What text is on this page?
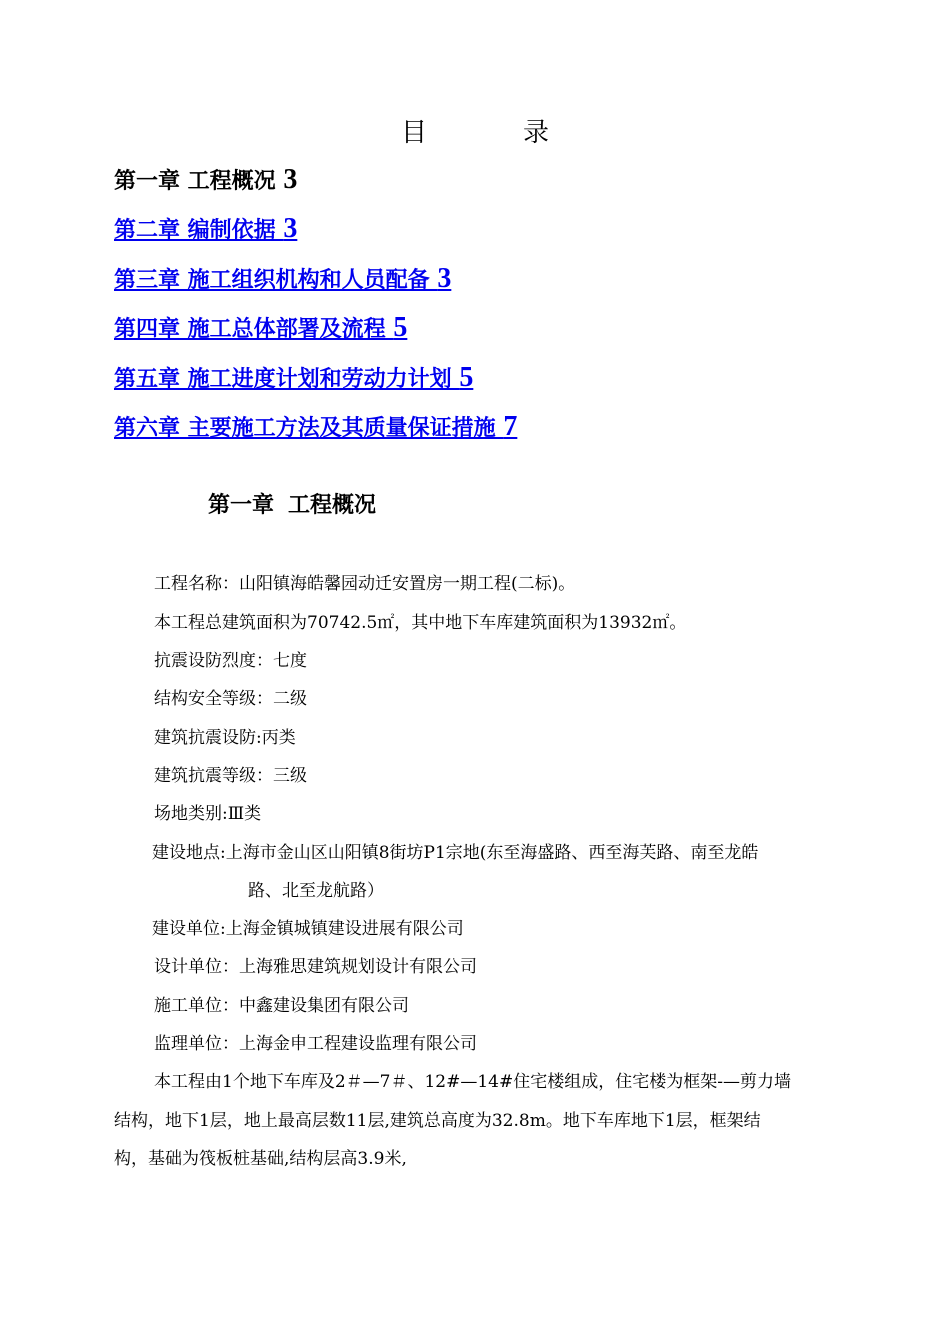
目	录
第一章 工程概况 3
第二章 编制依据 3
第三章 施工组织机构和人员配备 3
第四章 施工总体部署及流程 5
第五章 施工进度计划和劳动力计划 5
第六章 主要施工方法及其质量保证措施 7
第一章 工程概况
工程名称：山阳镇海皓馨园动迁安置房一期工程(二标)。
本工程总建筑面积为70742.5㎡，其中地下车库建筑面积为13932㎡。
抗震设防烈度：七度
结构安全等级：二级
建筑抗震设防:丙类
建筑抗震等级：三级
场地类别:Ⅲ类
建设地点:上海市金山区山阳镇8街坊P1宗地(东至海盛路、西至海芙路、南至龙皓
路、北至龙航路）
建设单位:上海金镇城镇建设进展有限公司
设计单位：上海雅思建筑规划设计有限公司
施工单位：中鑫建设集团有限公司
监理单位：上海金申工程建设监理有限公司
本工程由1个地下车库及2＃—7＃、12#—14#住宅楼组成，住宅楼为框架-—剪力墙
结构，地下1层，地上最高层数11层,建筑总高度为32.8m。地下车库地下1层，框架结
构，基础为筏板桩基础,结构层高3.9米,
